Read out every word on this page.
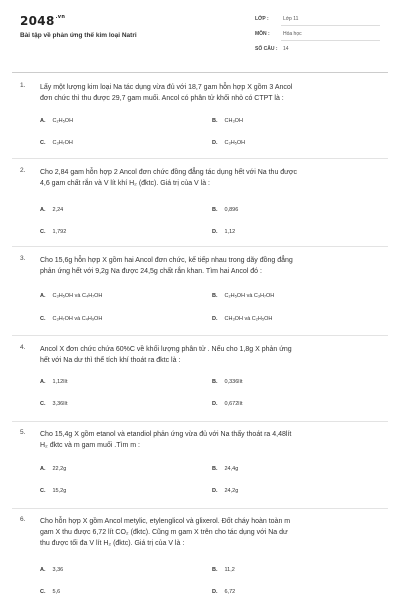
$2048^{.vn}$
Bài tập về phản ứng thế kim loại Natri
LỚP :	Lớp 11
MÔN :	Hóa học
SỐ CÂU : 14
1. Lấy một lượng kim loại Na tác dụng vừa đủ với 18,7 gam hỗn hợp X gồm 3 Ancol
đơn chức thì thu được 29,7 gam muối. Ancol có phân tử khối nhỏ có CTPT là :
A. C₂H₅OH	B. CH₃OH
C. C₃H₇OH	D. C₃H₅OH
2. Cho 2,84 gam hỗn hợp 2 Ancol đơn chức đồng đẳng tác dụng hết với Na thu được
4,6 gam chất rắn và V lít khí H₂ (đktc). Giá trị của V là :
A. 2,24	B. 0,896
C. 1,792	D. 1,12
3. Cho 15,6g hỗn hợp X gồm hai Ancol đơn chức, kế tiếp nhau trong dãy đồng đẳng
phản ứng hết với 9,2g Na được 24,5g chất rắn khan. Tìm hai Ancol đó :
A. C₃H₅OH và C₄H₇OH	B. C₂H₅OH và C₃H₇OH
C. C₃H₇OH và C₄H₉OH	D. CH₃OH và C₂H₅OH
4. Ancol X đơn chức chứa 60%C về khối lượng phân tử . Nếu cho 1,8g X phản ứng
hết với Na dư thì thể tích khí thoát ra đktc là :
A. 1,12lít	B. 0,336lít
C. 3,36lít	D. 0,672lít
5. Cho 15,4g X gồm etanol và etandiol phản ứng vừa đủ với Na thấy thoát ra 4,48lít
H₂ đktc và m gam muối .Tìm m :
A. 22,2g	B. 24,4g
C. 15,2g	D. 24,2g
6. Cho hỗn hợp X gồm Ancol metylic, etylenglicol và glixerol. Đốt cháy hoàn toàn m
gam X thu được 6,72 lít CO₂ (đktc). Cũng m gam X trên cho tác dụng với Na dư
thu được tối đa V lít H₂ (đktc). Giá trị của V là :
A. 3,36	B. 11,2
C. 5,6	D. 6,72
